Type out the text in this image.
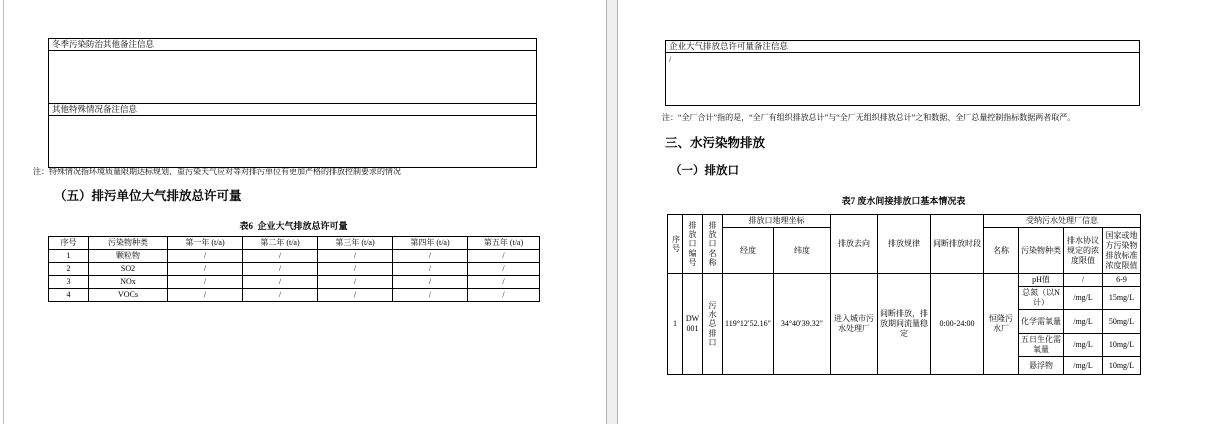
冬季污染防治其他备注信息
其他特殊情况备注信息
注：特殊情况指环境质量限期达标规划、重污染天气应对等对排污单位有更加严格的排放控制要求的情况
（五）排污单位大气排放总许可量
表6  企业大气排放总许可量
序号	污染物种类	第一年 (t/a)	第二年 (t/a)	第三年 (t/a)	第四年 (t/a)	第五年 (t/a)
1	颗粒物	/	/	/	/	/
2	SO2	/	/	/	/	/
3	NOx	/	/	/	/	/
4	VOCs	/	/	/	/	/
企业大气排放总许可量备注信息
/
注：“全厂合计”指的是，“全厂有组织排放总计”与“全厂无组织排放总计”之和数据、全厂总量控制指标数据两者取严。
三、水污染物排放
（一）排放口
表7 废水间接排放口基本情况表
序号	排放口编号	排放口名称	排放口地理坐标		排放去向	排放规律	间断排放时段	受纳污水处理厂信息			
			经度	纬度				名称	污染物种类	排水协议规定的浓度限值	国家或地方污染物排放标准浓度限值
1	DW001	污水总排口	119°12′52.16″	34°40′39.32″	进入城市污水处理厂	间断排放，排放期间流量稳定	0:00-24:00	恒隆污水厂	pH值	/	6-9
									总氮（以N计）	/mg/L	15mg/L
									化学需氧量	/mg/L	50mg/L
									五日生化需氧量	/mg/L	10mg/L
									悬浮物	/mg/L	10mg/L
